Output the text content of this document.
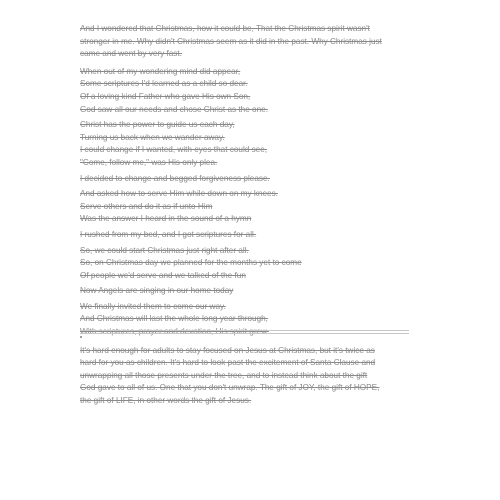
And I wondered that Christmas, how it could be, That the Christmas spirit wasn't
stronger in me. Why didn't Christmas seem as it did in the past. Why Christmas just
came and went by very fast.
When out of my wondering mind did appear,
Some scriptures I'd learned as a child so dear.
Of a loving kind Father who gave His own Son,
God saw all our needs and chose Christ as the one.
Christ has the power to guide us each day,
Turning us back when we wander away.
I could change if I wanted, with eyes that could see,
"Come, follow me," was His only plea.
I decided to change and begged forgiveness please.
And asked how to serve Him while down on my knees.
Serve others and do it as if unto Him
Was the answer I heard in the sound of a hymn
I rushed from my bed, and I got scriptures for all.
So, we could start Christmas just right after all.
So, on Christmas day we planned for the months yet to come
Of people we'd serve and we talked of the fun
Now Angels are singing in our home today
We finally invited them to come our way.
And Christmas will last the whole long year through,
With scriptures, prayer and devotion, His spirit grew.
It's hard enough for adults to stay focused on Jesus at Christmas, but it's twice as
hard for you as children. It's hard to look past the excitement of Santa Clause and
unwrapping all those presents under the tree, and to instead think about the gift
God gave to all of us. One that you don't unwrap. The gift of JOY, the gift of HOPE,
the gift of LIFE, in other words the gift of Jesus.
